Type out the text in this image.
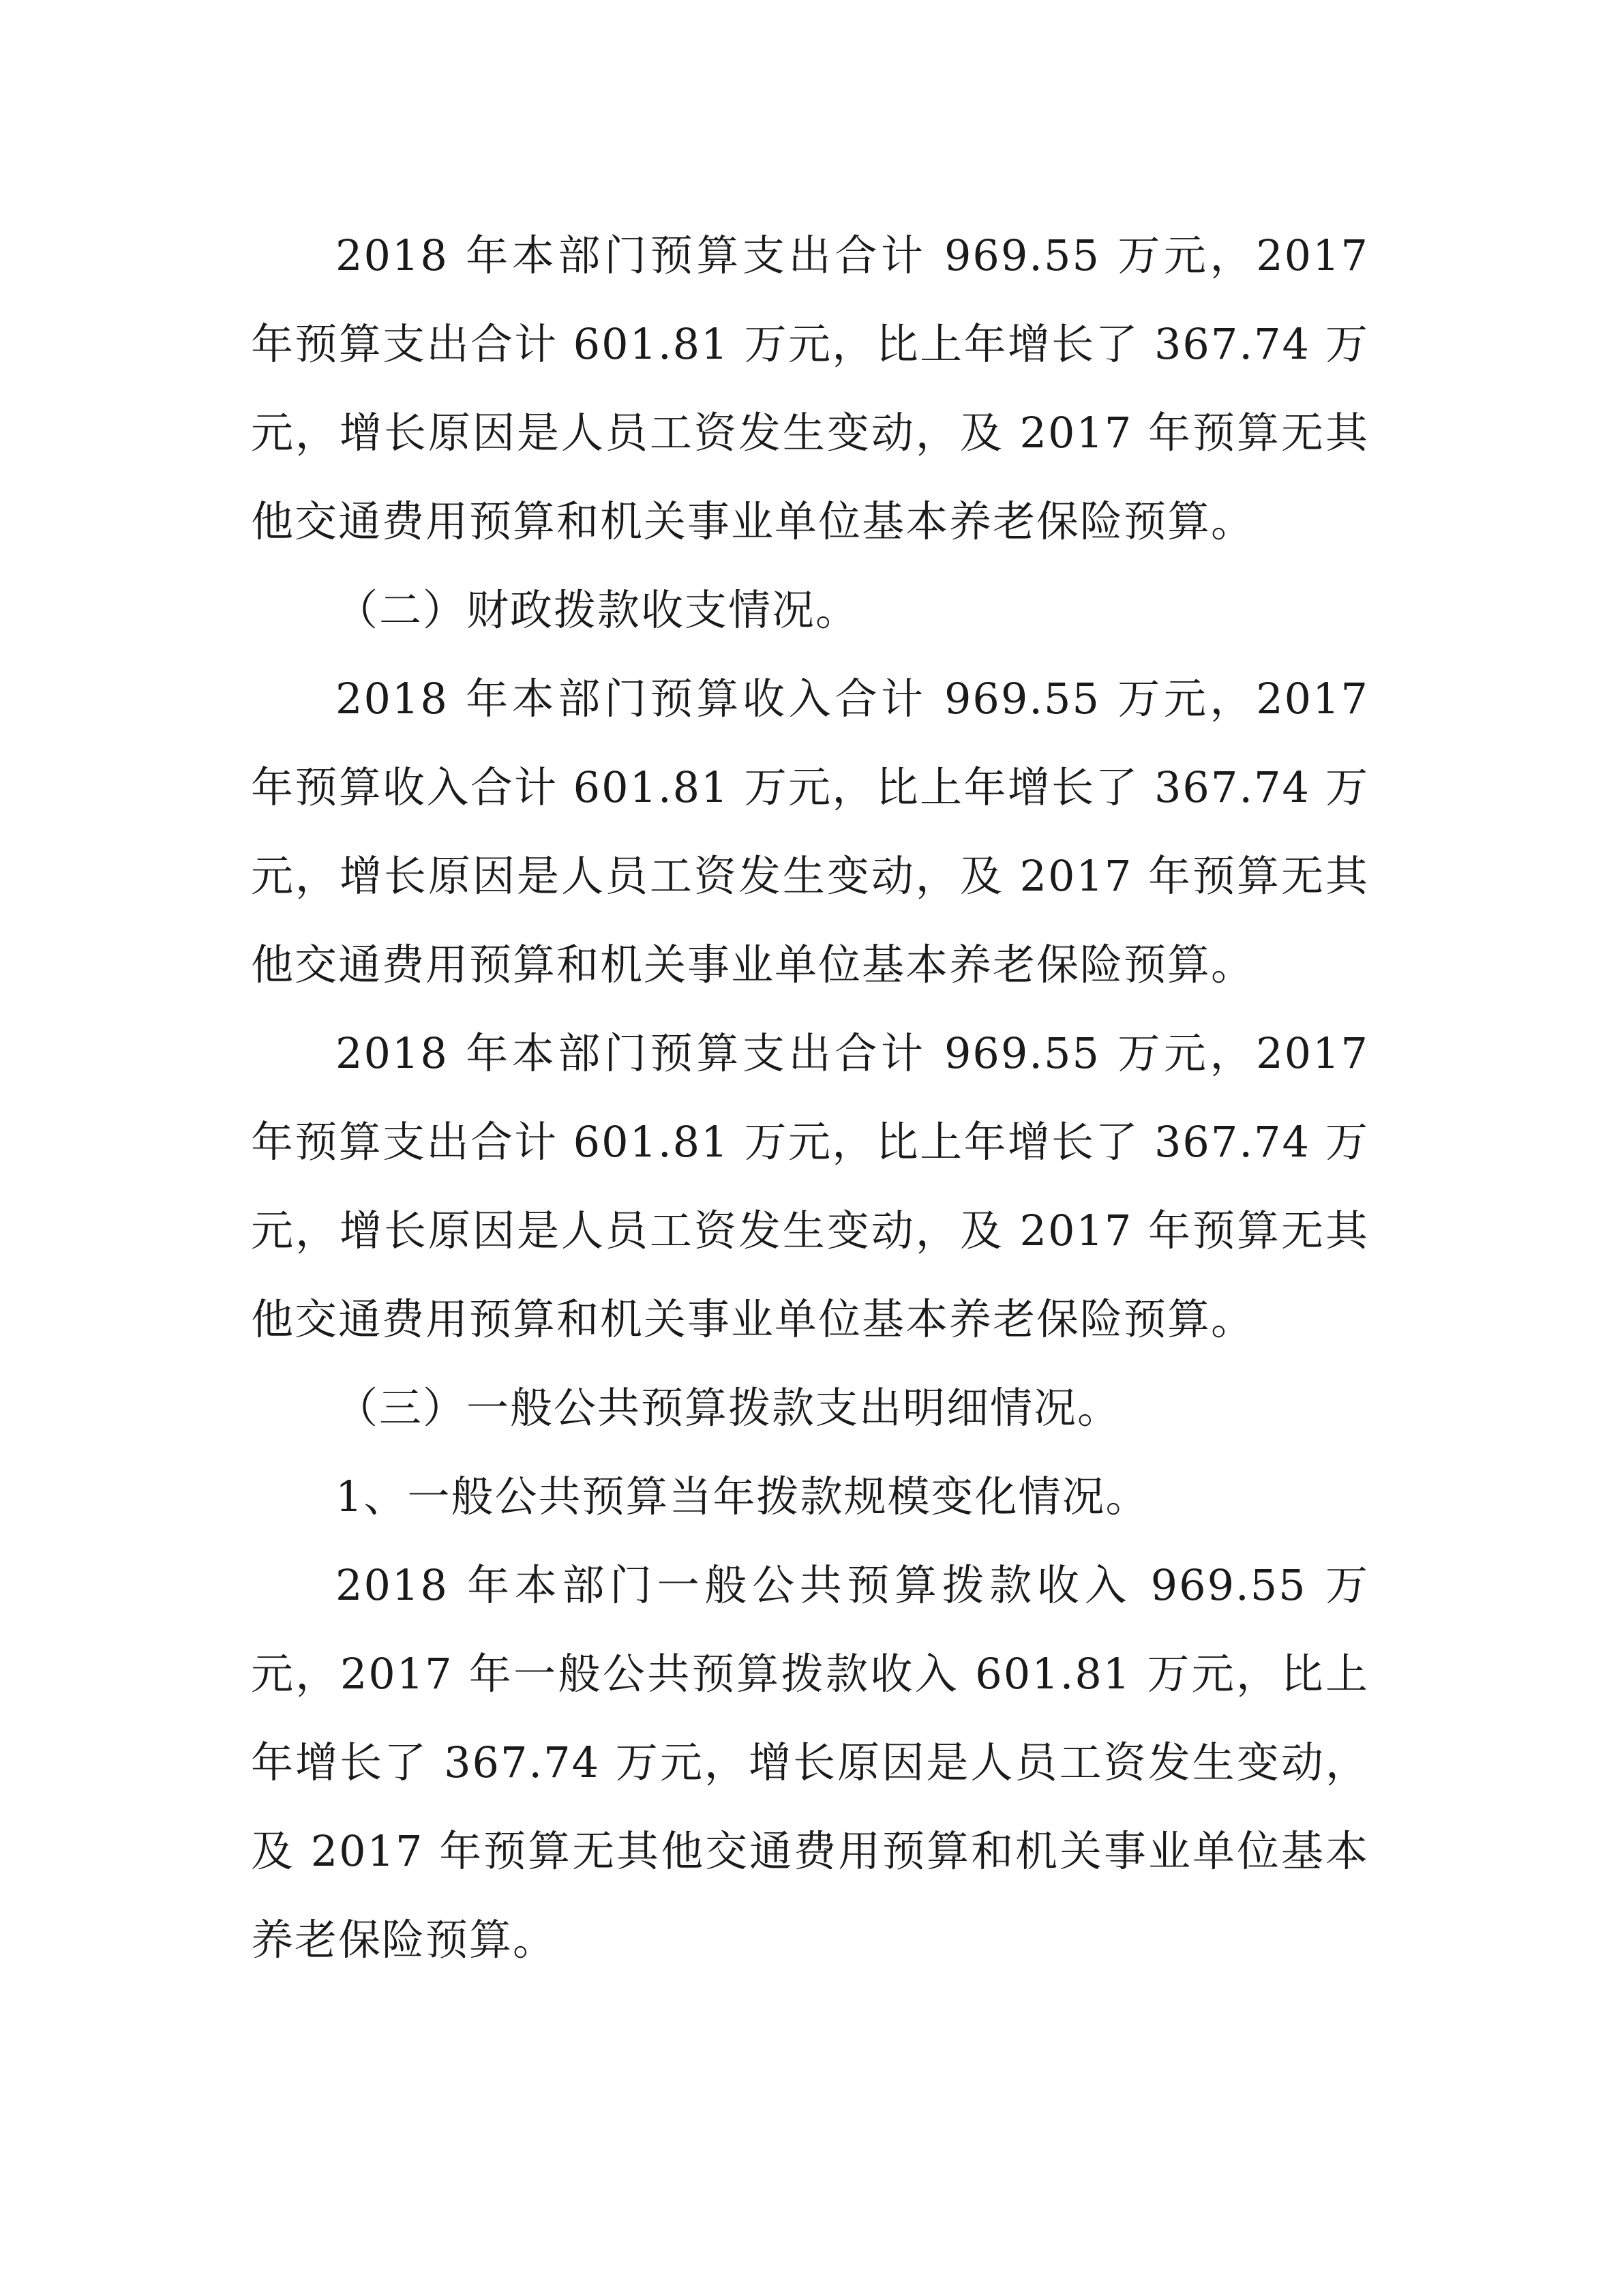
2018 年本部门预算支出合计 969.55 万元，2017 年预算支出合计 601.81 万元，比上年增长了 367.74 万元，增长原因是人员工资发生变动，及 2017 年预算无其他交通费用预算和机关事业单位基本养老保险预算。

（二）财政拨款收支情况。

2018 年本部门预算收入合计 969.55 万元，2017 年预算收入合计 601.81 万元，比上年增长了 367.74 万元，增长原因是人员工资发生变动，及 2017 年预算无其他交通费用预算和机关事业单位基本养老保险预算。

2018 年本部门预算支出合计 969.55 万元，2017 年预算支出合计 601.81 万元，比上年增长了 367.74 万元，增长原因是人员工资发生变动，及 2017 年预算无其他交通费用预算和机关事业单位基本养老保险预算。

（三）一般公共预算拨款支出明细情况。

1、一般公共预算当年拨款规模变化情况。

2018 年本部门一般公共预算拨款收入 969.55 万元，2017 年一般公共预算拨款收入 601.81 万元，比上年增长了 367.74 万元，增长原因是人员工资发生变动，及 2017 年预算无其他交通费用预算和机关事业单位基本养老保险预算。
